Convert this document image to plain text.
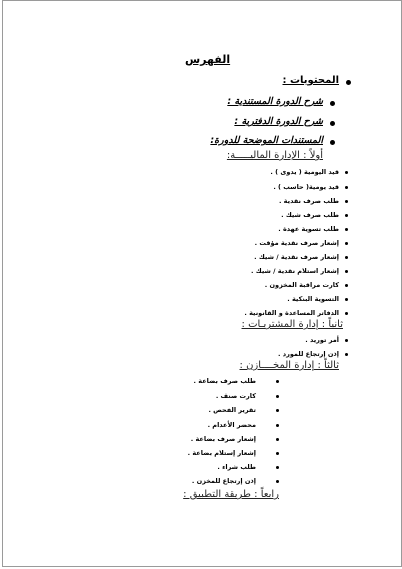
الفهرس
المحتويات :
شرح الدورة المستندية :
شرح الدورة الدفترية :
المستندات الموضحة للدورة:
أولاً : الإدارة الماليـــــة:
قيد اليومية ( يدوى ) .
قيد يومية( حاسب ) .
طلب صرف نقدية .
طلب صرف شيك .
طلب تسوية عهدة .
إشعار صرف نقدية مؤقت .
إشعار صرف نقدية / شيك .
إشعار استلام نقدية / شيك .
كارت مراقبة المخزون .
التسوية البنكية .
الدفاتر المساعدة و القانونية .
ثانياً : إدارة المشتريـات :
أمر توريد .
إذن إرتجاع للمورد .
ثالثاً : إدارة المخــــازن :
طلب صرف بضاعة .
كارت صنف .
تقرير الفحص .
محضر الأعدام .
إشعار صرف بضاعة .
إشعار إستلام بضاعة .
طلب شراء .
إذن إرتجاع للمخزن .
رابعاً : طريقة التطبيق :
